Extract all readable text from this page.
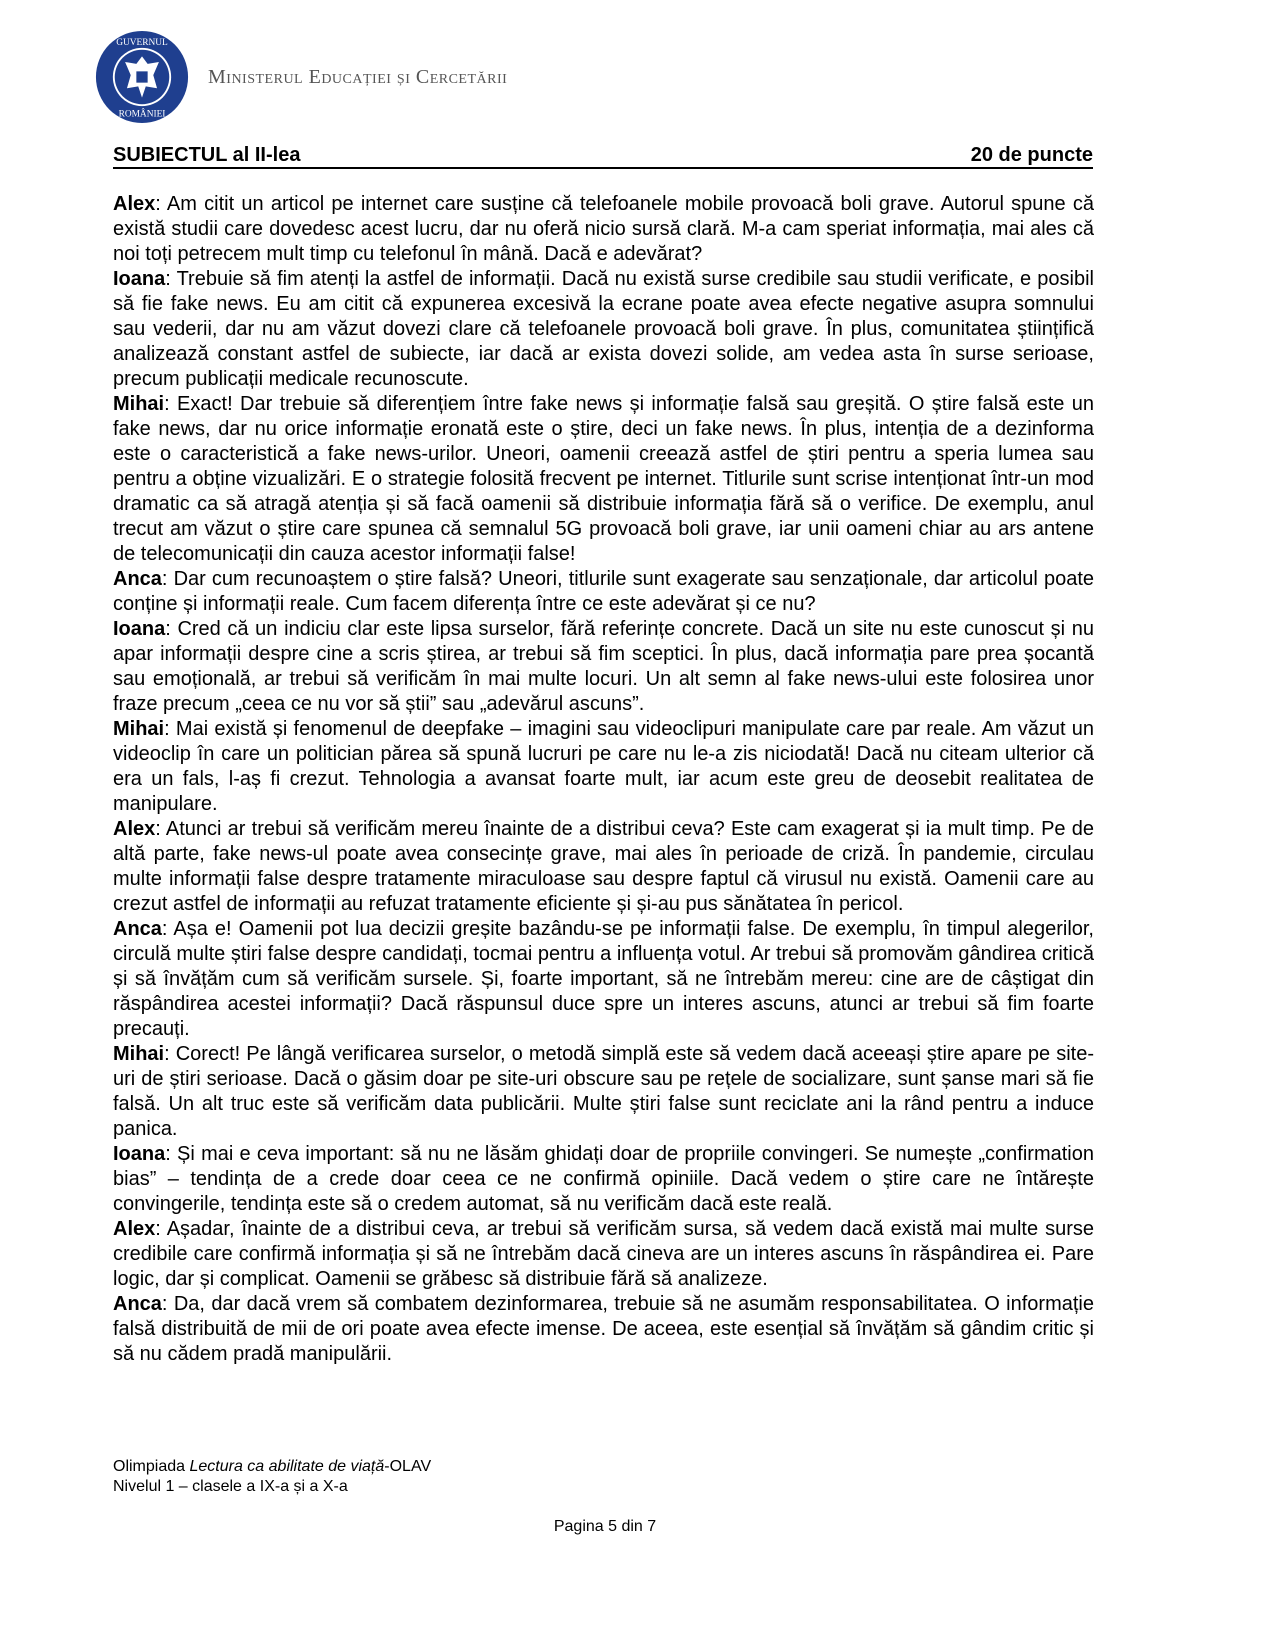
GUVERNUL
ROMÂNIEI
Ministerul Educației și Cercetării
SUBIECTUL al II-lea	20 de puncte

Alex: Am citit un articol pe internet care susține că telefoanele mobile provoacă boli grave. Autorul spune că există studii care dovedesc acest lucru, dar nu oferă nicio sursă clară. M-a cam speriat informația, mai ales că noi toți petrecem mult timp cu telefonul în mână. Dacă e adevărat?

Ioana: Trebuie să fim atenți la astfel de informații. Dacă nu există surse credibile sau studii verificate, e posibil să fie fake news. Eu am citit că expunerea excesivă la ecrane poate avea efecte negative asupra somnului sau vederii, dar nu am văzut dovezi clare că telefoanele provoacă boli grave. În plus, comunitatea științifică analizează constant astfel de subiecte, iar dacă ar exista dovezi solide, am vedea asta în surse serioase, precum publicații medicale recunoscute.

Mihai: Exact! Dar trebuie să diferențiem între fake news și informație falsă sau greșită. O știre falsă este un fake news, dar nu orice informație eronată este o știre, deci un fake news. În plus, intenția de a dezinforma este o caracteristică a fake news-urilor. Uneori, oamenii creează astfel de știri pentru a speria lumea sau pentru a obține vizualizări. E o strategie folosită frecvent pe internet. Titlurile sunt scrise intenționat într-un mod dramatic ca să atragă atenția și să facă oamenii să distribuie informația fără să o verifice. De exemplu, anul trecut am văzut o știre care spunea că semnalul 5G provoacă boli grave, iar unii oameni chiar au ars antene de telecomunicații din cauza acestor informații false!

Anca: Dar cum recunoaștem o știre falsă? Uneori, titlurile sunt exagerate sau senzaționale, dar articolul poate conține și informații reale. Cum facem diferența între ce este adevărat și ce nu?

Ioana: Cred că un indiciu clar este lipsa surselor, fără referințe concrete. Dacă un site nu este cunoscut și nu apar informații despre cine a scris știrea, ar trebui să fim sceptici. În plus, dacă informația pare prea șocantă sau emoțională, ar trebui să verificăm în mai multe locuri. Un alt semn al fake news-ului este folosirea unor fraze precum „ceea ce nu vor să știi” sau „adevărul ascuns”.

Mihai: Mai există și fenomenul de deepfake – imagini sau videoclipuri manipulate care par reale. Am văzut un videoclip în care un politician părea să spună lucruri pe care nu le-a zis niciodată! Dacă nu citeam ulterior că era un fals, l-aș fi crezut. Tehnologia a avansat foarte mult, iar acum este greu de deosebit realitatea de manipulare.

Alex: Atunci ar trebui să verificăm mereu înainte de a distribui ceva? Este cam exagerat și ia mult timp. Pe de altă parte, fake news-ul poate avea consecințe grave, mai ales în perioade de criză. În pandemie, circulau multe informații false despre tratamente miraculoase sau despre faptul că virusul nu există. Oamenii care au crezut astfel de informații au refuzat tratamente eficiente și și-au pus sănătatea în pericol.

Anca: Așa e! Oamenii pot lua decizii greșite bazându-se pe informații false. De exemplu, în timpul alegerilor, circulă multe știri false despre candidați, tocmai pentru a influența votul. Ar trebui să promovăm gândirea critică și să învățăm cum să verificăm sursele. Și, foarte important, să ne întrebăm mereu: cine are de câștigat din răspândirea acestei informații? Dacă răspunsul duce spre un interes ascuns, atunci ar trebui să fim foarte precauți.

Mihai: Corect! Pe lângă verificarea surselor, o metodă simplă este să vedem dacă aceeași știre apare pe site-uri de știri serioase. Dacă o găsim doar pe site-uri obscure sau pe rețele de socializare, sunt șanse mari să fie falsă. Un alt truc este să verificăm data publicării. Multe știri false sunt reciclate ani la rând pentru a induce panica.

Ioana: Și mai e ceva important: să nu ne lăsăm ghidați doar de propriile convingeri. Se numește „confirmation bias” – tendința de a crede doar ceea ce ne confirmă opiniile. Dacă vedem o știre care ne întărește convingerile, tendința este să o credem automat, să nu verificăm dacă este reală.

Alex: Așadar, înainte de a distribui ceva, ar trebui să verificăm sursa, să vedem dacă există mai multe surse credibile care confirmă informația și să ne întrebăm dacă cineva are un interes ascuns în răspândirea ei. Pare logic, dar și complicat. Oamenii se grăbesc să distribuie fără să analizeze.

Anca: Da, dar dacă vrem să combatem dezinformarea, trebuie să ne asumăm responsabilitatea. O informație falsă distribuită de mii de ori poate avea efecte imense. De aceea, este esențial să învățăm să gândim critic și să nu cădem pradă manipulării.

Olimpiada Lectura ca abilitate de viață-OLAV
Nivelul 1 – clasele a IX-a și a X-a
Pagina 5 din 7
